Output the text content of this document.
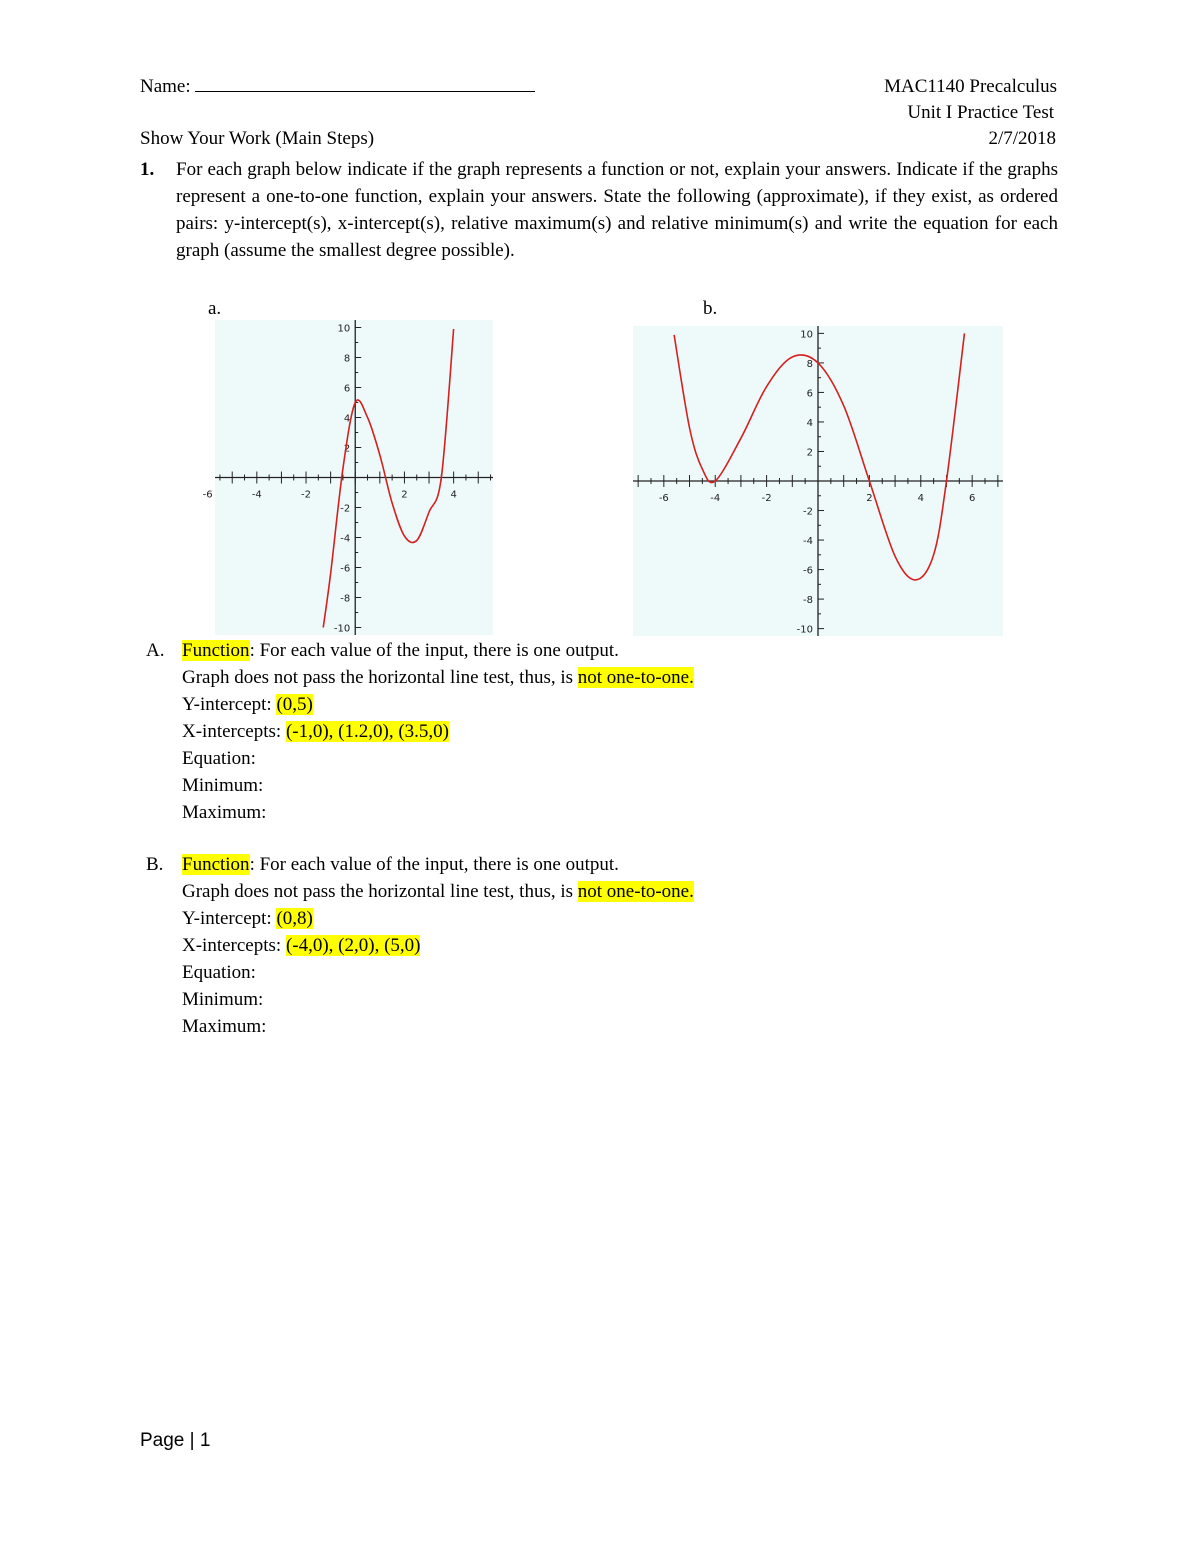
Name:	MAC1140 Precalculus
Unit I Practice Test
Show Your Work (Main Steps)	2/7/2018
1. For each graph below indicate if the graph represents a function or not, explain your answers. Indicate if the graphs represent a one-to-one function, explain your answers. State the following (approximate), if they exist, as ordered pairs: y-intercept(s), x-intercept(s), relative maximum(s) and relative minimum(s) and write the equation for each graph (assume the smallest degree possible).
a.	b.
-6	-4	-2	2	4
10
8
6
4
2
-2
-4
-6
-8
-10
-6	-4	-2	2	4	6
10
8
6
4
2
-2
-4
-6
-8
-10
A. Function: For each value of the input, there is one output.
Graph does not pass the horizontal line test, thus, is not one-to-one.
Y-intercept: (0,5)
X-intercepts: (-1,0), (1.2,0), (3.5,0)
Equation:
Minimum:
Maximum:
B. Function: For each value of the input, there is one output.
Graph does not pass the horizontal line test, thus, is not one-to-one.
Y-intercept: (0,8)
X-intercepts: (-4,0), (2,0), (5,0)
Equation:
Minimum:
Maximum:
Page | 1
